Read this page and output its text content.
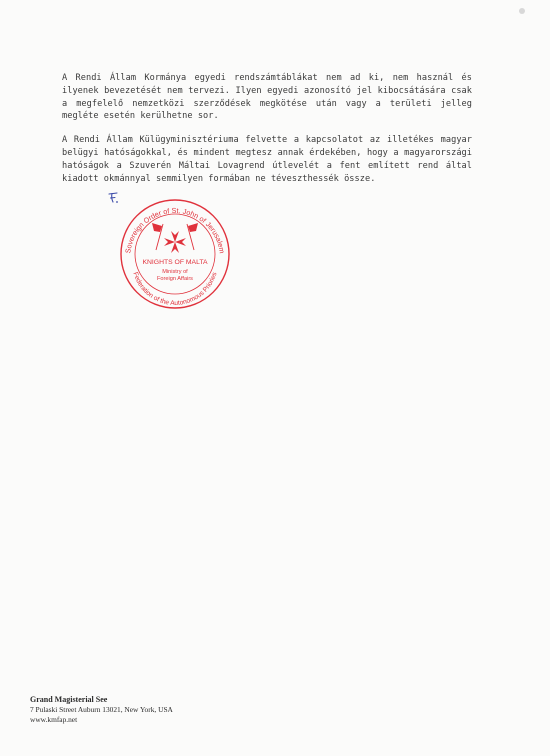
A Rendi Állam Kormánya egyedi rendszámtáblákat nem ad ki, nem használ és ilyenek bevezetését nem tervezi. Ilyen egyedi azonosító jel kibocsátására csak a megfelelő nemzetközi szerződések megkötése után vagy a területi jelleg megléte esetén kerülhetne sor.

A Rendi Állam Külügyminisztériuma felvette a kapcsolatot az illetékes magyar belügyi hatóságokkal, és mindent megtesz annak érdekében, hogy a magyarországi hatóságok a Szuverén Máltai Lovagrend útlevelét a fent említett rend által kiadott okmánnyal semmilyen formában ne téveszthessék össze.

Sovereign Order of St. John of Jerusalem
Federation of the Autonomous Priories
KNIGHTS OF MALTA
Ministry of
Foreign Affairs
Grand Magisterial See
7 Pulaski Street Auburn 13021, New York, USA
www.kmfap.net
